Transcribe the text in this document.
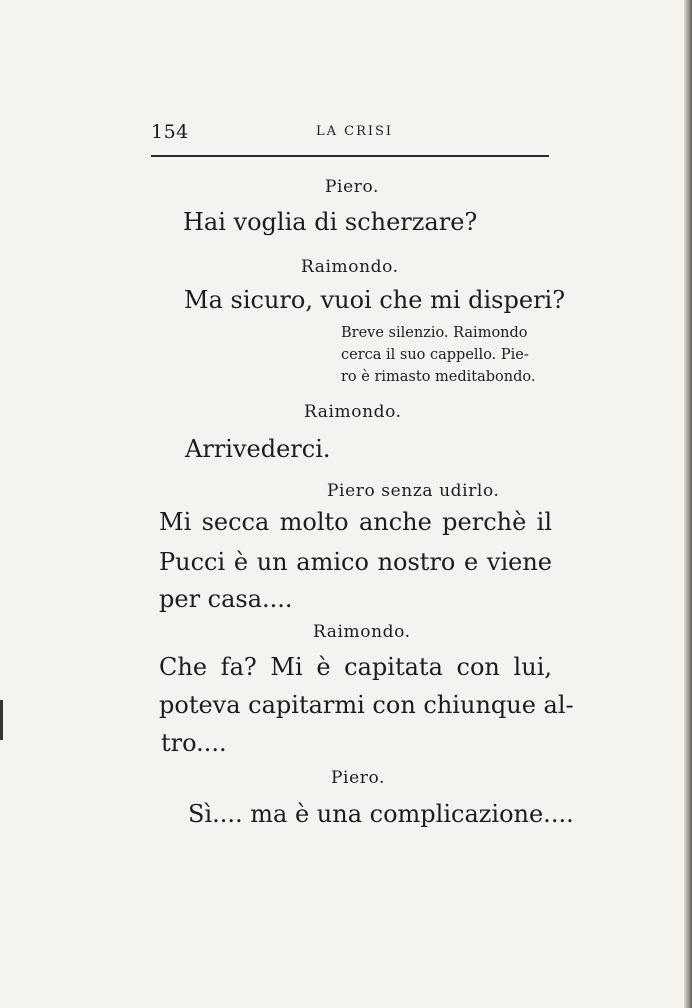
154	LA CRISI
Piero.
Hai voglia di scherzare?
Raimondo.
Ma sicuro, vuoi che mi disperi?
Breve silenzio. Raimondo
cerca il suo cappello. Pie-
ro è rimasto meditabondo.
Raimondo.
Arrivederci.
Piero senza udirlo.
Mi secca molto anche perchè il
Pucci è un amico nostro e viene
per casa....
Raimondo.
Che fa? Mi è capitata con lui,
poteva capitarmi con chiunque al-
tro....
Piero.
Sì.... ma è una complicazione....
